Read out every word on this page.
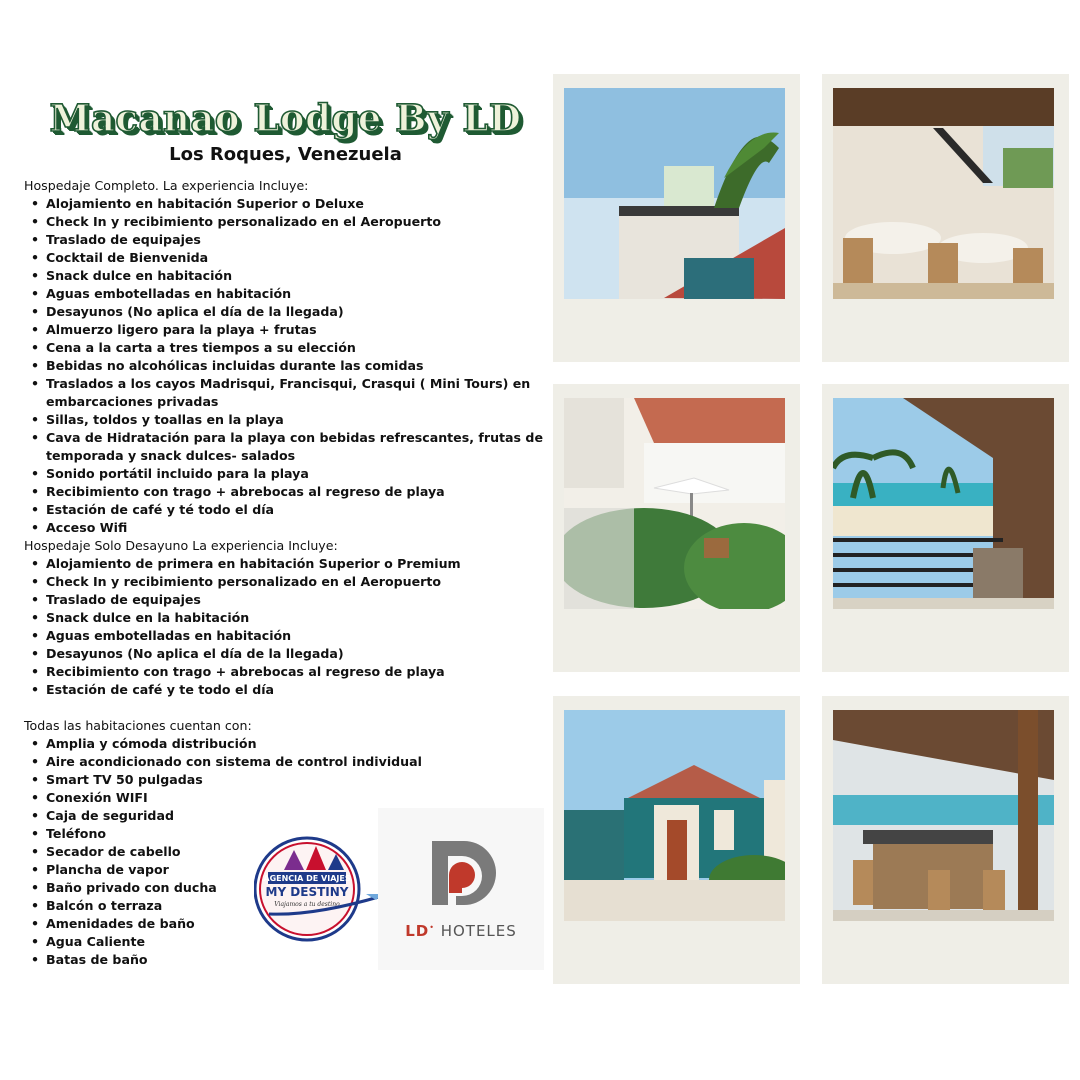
Macanao Lodge By LD
Los Roques, Venezuela
Hospedaje Completo. La experiencia Incluye:
• Alojamiento en habitación Superior o Deluxe
• Check In y recibimiento personalizado en el Aeropuerto
• Traslado de equipajes
• Cocktail de Bienvenida
• Snack dulce en habitación
• Aguas embotelladas en habitación
• Desayunos (No aplica el día de la llegada)
• Almuerzo ligero para la playa + frutas
• Cena a la carta a tres tiempos a su elección
• Bebidas no alcohólicas incluidas durante las comidas
• Traslados a los cayos Madrisqui, Francisqui, Crasqui ( Mini Tours) en embarcaciones privadas
• Sillas, toldos y toallas en la playa
• Cava de Hidratación para la playa con bebidas refrescantes, frutas de temporada y snack dulces- salados
• Sonido portátil incluido para la playa
• Recibimiento con trago + abrebocas al regreso de playa
• Estación de café y té todo el día
• Acceso Wifi
Hospedaje Solo Desayuno La experiencia Incluye:
• Alojamiento de primera en habitación Superior o Premium
• Check In y recibimiento personalizado en el Aeropuerto
• Traslado de equipajes
• Snack dulce en la habitación
• Aguas embotelladas en habitación
• Desayunos (No aplica el día de la llegada)
• Recibimiento con trago + abrebocas al regreso de playa
• Estación de café y te todo el día
Todas las habitaciones cuentan con:
• Amplia y cómoda distribución
• Aire acondicionado con sistema de control individual
• Smart TV 50 pulgadas
• Conexión WIFI
• Caja de seguridad
• Teléfono
• Secador de cabello
• Plancha de vapor
• Baño privado con ducha
• Balcón o terraza
• Amenidades de baño
• Agua Caliente
• Batas de baño
AGENCIA DE VIAJES
MY DESTINY
Viajamos a tu destino
LD• HOTELES
